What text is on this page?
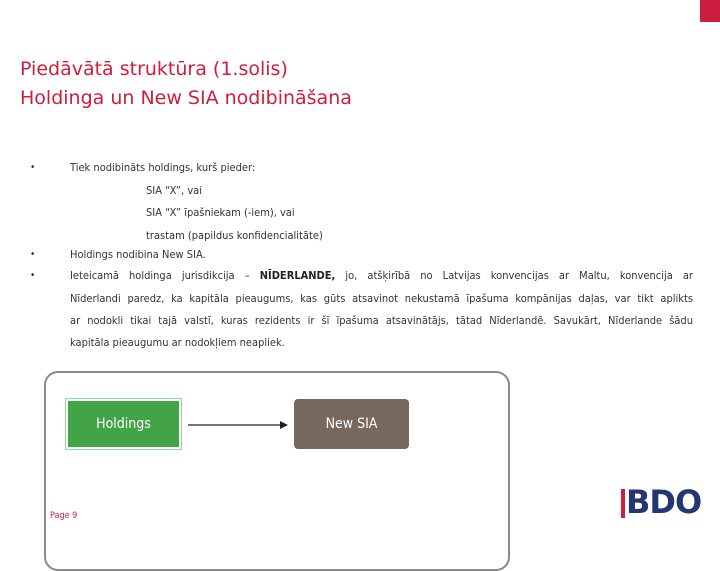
Piedāvātā struktūra (1.solis)
Holdinga un New SIA nodibināšana
•	Tiek nodibināts holdings, kurš pieder:
SIA “X”, vai
SIA “X” īpašniekam (-iem), vai
trastam (papildus konfidencialitāte)
•	Holdings nodibina New SIA.
•	Ieteicamā holdinga jurisdikcija – NĪDERLANDE, jo, atšķirībā no Latvijas konvencijas ar Maltu, konvencija ar
Nīderlandi paredz, ka kapitāla pieaugums, kas gūts atsavinot nekustamā īpašuma kompānijas daļas, var tikt aplikts
ar nodokli tikai tajā valstī, kuras rezidents ir šī īpašuma atsavinātājs, tātad Nīderlandē. Savukārt, Nīderlande šādu
kapitāla pieaugumu ar nodokļiem neapliek.
Holdings	New SIA
Page 9	BDO
